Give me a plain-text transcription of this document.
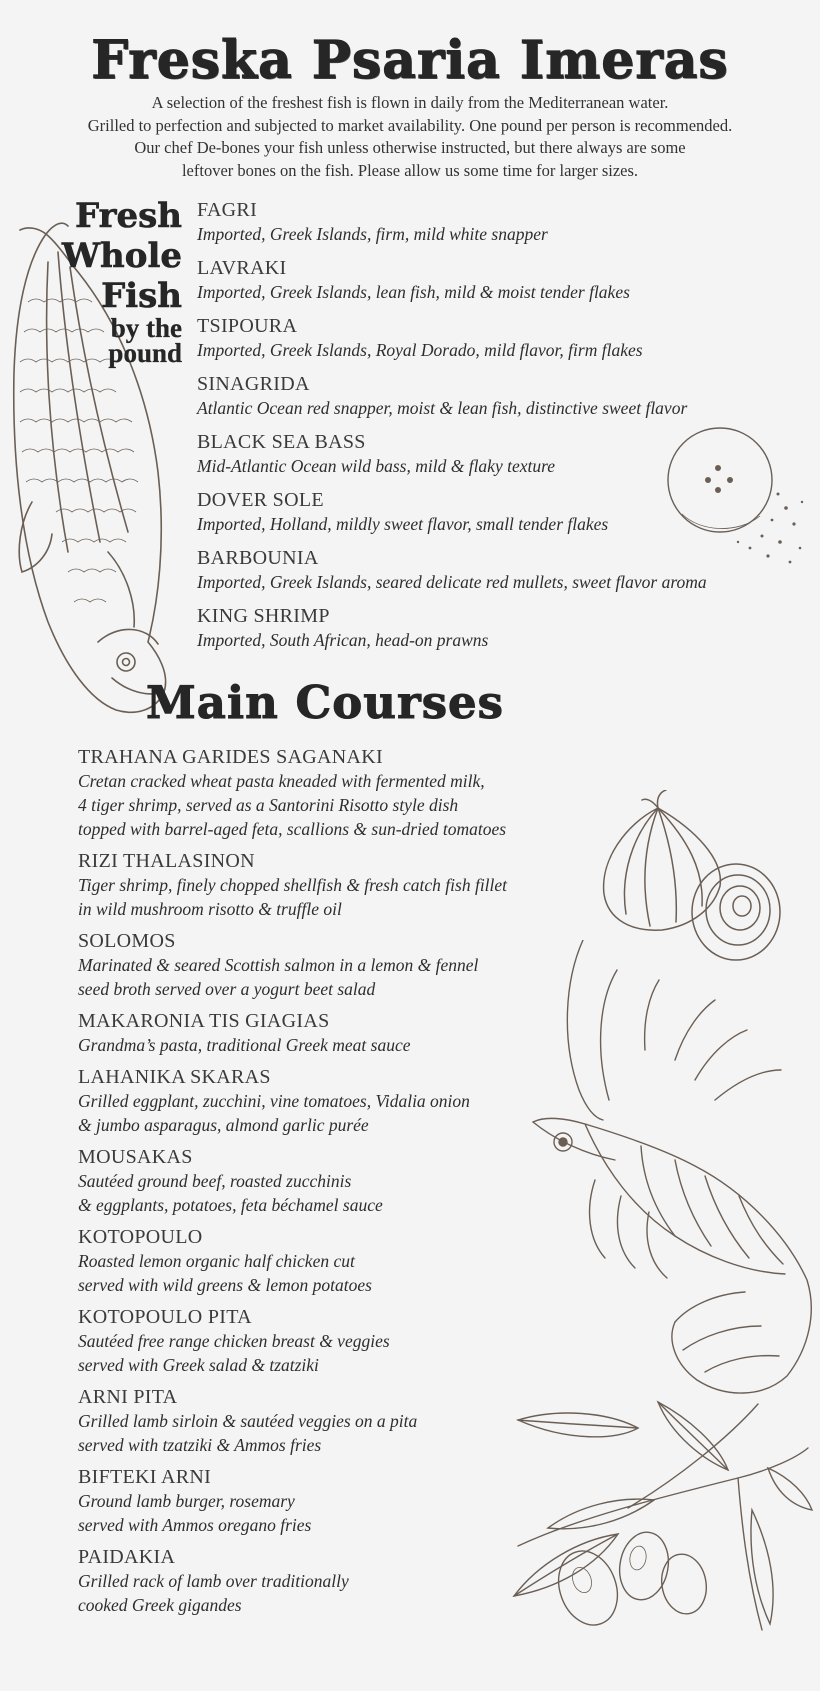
Freska Psaria Imeras
A selection of the freshest fish is flown in daily from the Mediterranean water.
Grilled to perfection and subjected to market availability. One pound per person is recommended.
Our chef De-bones your fish unless otherwise instructed, but there always are some
leftover bones on the fish. Please allow us some time for larger sizes.
Fresh
Whole
Fish
by the
pound
FAGRI
Imported, Greek Islands, firm, mild white snapper
LAVRAKI
Imported, Greek Islands, lean fish, mild & moist tender flakes
TSIPOURA
Imported, Greek Islands, Royal Dorado, mild flavor, firm flakes
SINAGRIDA
Atlantic Ocean red snapper, moist & lean fish, distinctive sweet flavor
BLACK SEA BASS
Mid-Atlantic Ocean wild bass, mild & flaky texture
DOVER SOLE
Imported, Holland, mildly sweet flavor, small tender flakes
BARBOUNIA
Imported, Greek Islands, seared delicate red mullets, sweet flavor aroma
KING SHRIMP
Imported, South African, head-on prawns
Main Courses
TRAHANA GARIDES SAGANAKI
Cretan cracked wheat pasta kneaded with fermented milk,
4 tiger shrimp, served as a Santorini Risotto style dish
topped with barrel-aged feta, scallions & sun-dried tomatoes
RIZI THALASINON
Tiger shrimp, finely chopped shellfish & fresh catch fish fillet
in wild mushroom risotto & truffle oil
SOLOMOS
Marinated & seared Scottish salmon in a lemon & fennel
seed broth served over a yogurt beet salad
MAKARONIA TIS GIAGIAS
Grandma’s pasta, traditional Greek meat sauce
LAHANIKA SKARAS
Grilled eggplant, zucchini, vine tomatoes, Vidalia onion
& jumbo asparagus, almond garlic purée
MOUSAKAS
Sautéed ground beef, roasted zucchinis
& eggplants, potatoes, feta béchamel sauce
KOTOPOULO
Roasted lemon organic half chicken cut
served with wild greens & lemon potatoes
KOTOPOULO PITA
Sautéed free range chicken breast & veggies
served with Greek salad & tzatziki
ARNI PITA
Grilled lamb sirloin & sautéed veggies on a pita
served with tzatziki & Ammos fries
BIFTEKI ARNI
Ground lamb burger, rosemary
served with Ammos oregano fries
PAIDAKIA
Grilled rack of lamb over traditionally
cooked Greek gigandes
